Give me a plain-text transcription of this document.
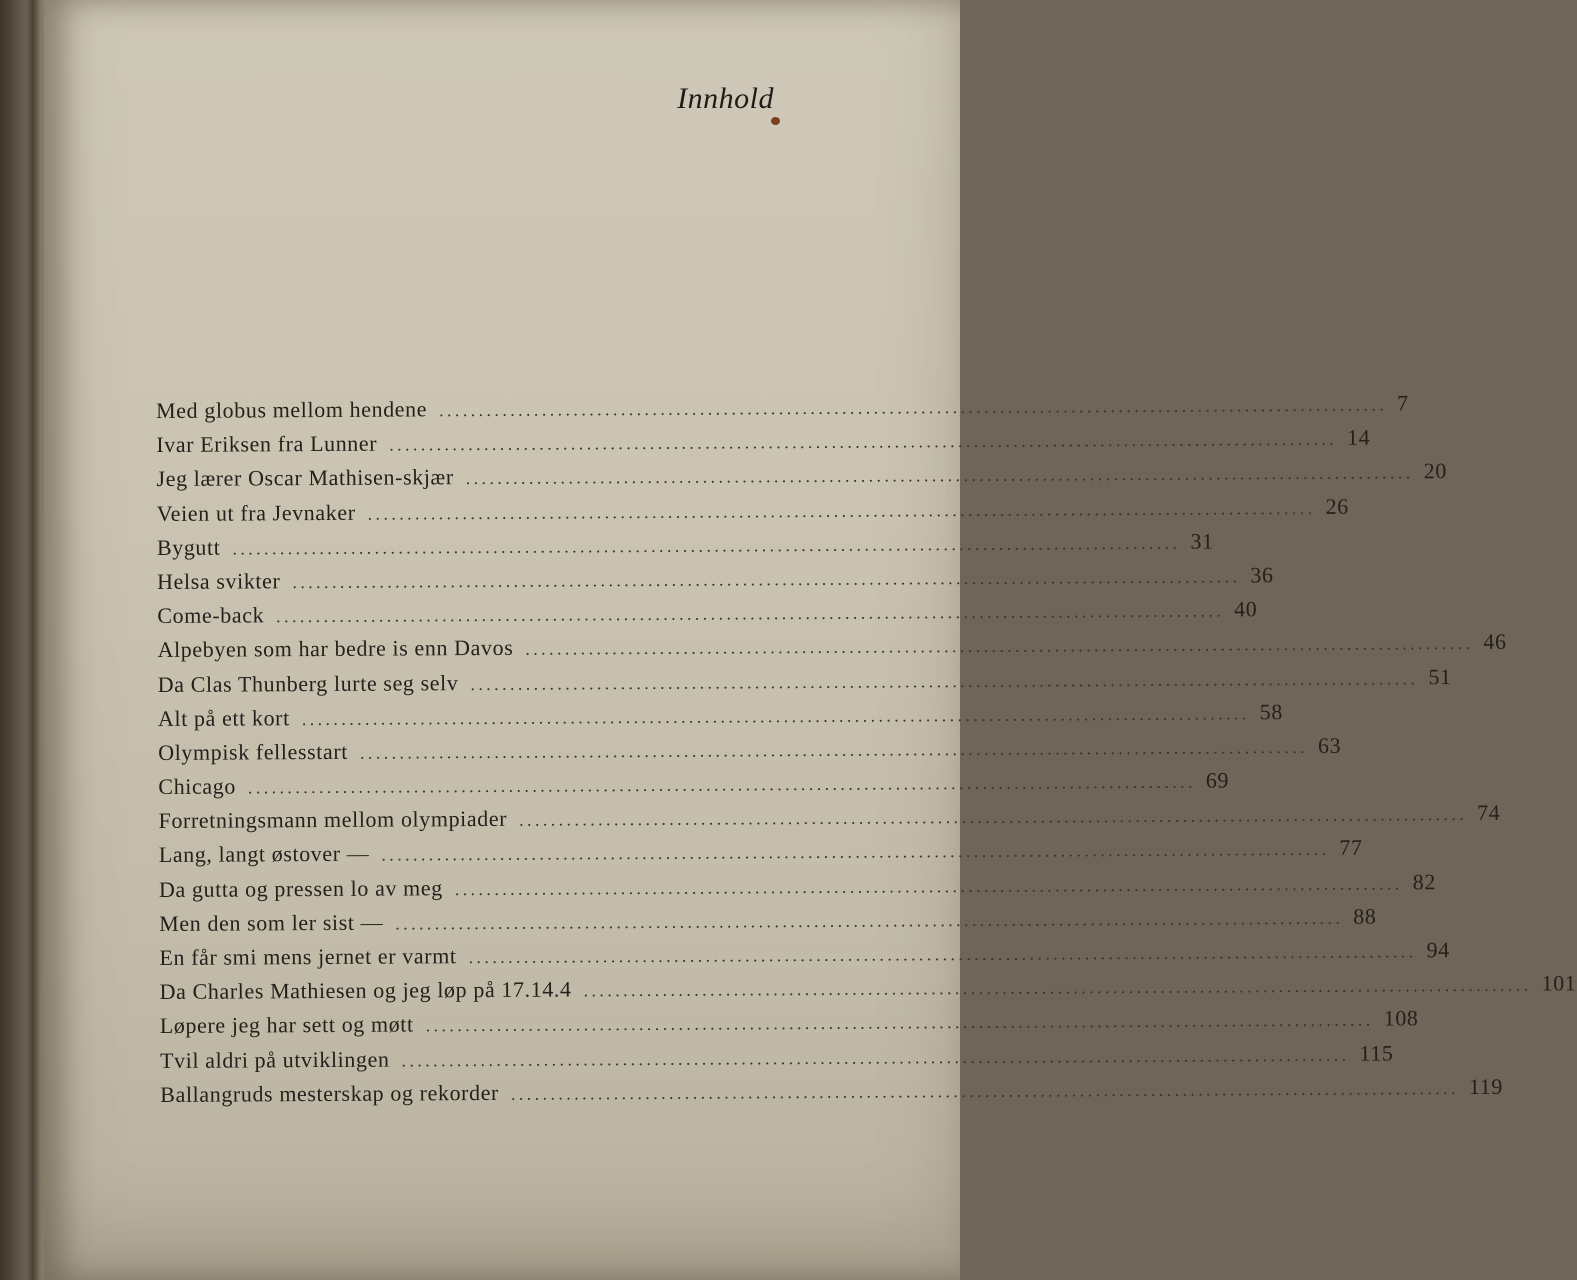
Innhold
Med globus mellom hendene ........................................................................................................................ 7
Ivar Eriksen fra Lunner ........................................................................................................................ 14
Jeg lærer Oscar Mathisen-skjær ........................................................................................................................ 20
Veien ut fra Jevnaker ........................................................................................................................ 26
Bygutt ........................................................................................................................ 31
Helsa svikter ........................................................................................................................ 36
Come-back ........................................................................................................................ 40
Alpebyen som har bedre is enn Davos ........................................................................................................................ 46
Da Clas Thunberg lurte seg selv ........................................................................................................................ 51
Alt på ett kort ........................................................................................................................ 58
Olympisk fellesstart ........................................................................................................................ 63
Chicago ........................................................................................................................ 69
Forretningsmann mellom olympiader ........................................................................................................................ 74
Lang, langt østover — ........................................................................................................................ 77
Da gutta og pressen lo av meg ........................................................................................................................ 82
Men den som ler sist — ........................................................................................................................ 88
En får smi mens jernet er varmt ........................................................................................................................ 94
Da Charles Mathiesen og jeg løp på 17.14.4 ........................................................................................................................ 101
Løpere jeg har sett og møtt ........................................................................................................................ 108
Tvil aldri på utviklingen ........................................................................................................................ 115
Ballangruds mesterskap og rekorder ........................................................................................................................ 119
